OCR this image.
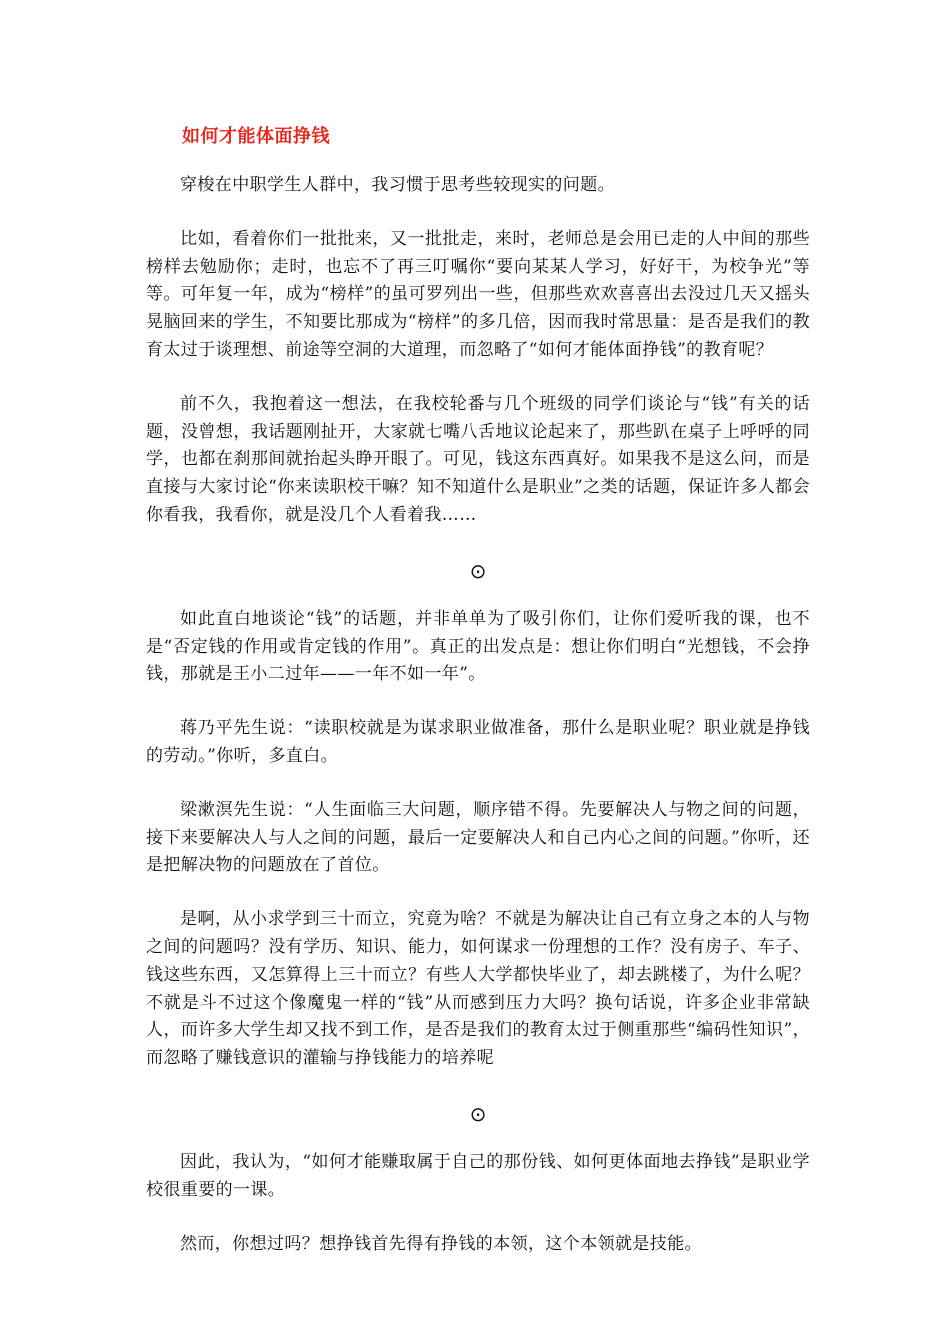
如何才能体面挣钱

穿梭在中职学生人群中，我习惯于思考些较现实的问题。

比如，看着你们一批批来，又一批批走，来时，老师总是会用已走的人中间的那些榜样去勉励你；走时，也忘不了再三叮嘱你“要向某某人学习，好好干，为校争光”等等。可年复一年，成为“榜样”的虽可罗列出一些，但那些欢欢喜喜出去没过几天又摇头晃脑回来的学生，不知要比那成为“榜样”的多几倍，因而我时常思量：是否是我们的教育太过于谈理想、前途等空洞的大道理，而忽略了“如何才能体面挣钱”的教育呢？

前不久，我抱着这一想法，在我校轮番与几个班级的同学们谈论与“钱”有关的话题，没曾想，我话题刚扯开，大家就七嘴八舌地议论起来了，那些趴在桌子上呼呼的同学，也都在刹那间就抬起头睁开眼了。可见，钱这东西真好。如果我不是这么问，而是直接与大家讨论“你来读职校干嘛？知不知道什么是职业”之类的话题，保证许多人都会你看我，我看你，就是没几个人看着我……

⊙

如此直白地谈论“钱”的话题，并非单单为了吸引你们，让你们爱听我的课，也不是“否定钱的作用或肯定钱的作用”。真正的出发点是：想让你们明白“光想钱，不会挣钱，那就是王小二过年——一年不如一年”。

蒋乃平先生说：“读职校就是为谋求职业做准备，那什么是职业呢？职业就是挣钱的劳动。”你听，多直白。

梁漱溟先生说：“人生面临三大问题，顺序错不得。先要解决人与物之间的问题，接下来要解决人与人之间的问题，最后一定要解决人和自己内心之间的问题。”你听，还是把解决物的问题放在了首位。

是啊，从小求学到三十而立，究竟为啥？不就是为解决让自己有立身之本的人与物之间的问题吗？没有学历、知识、能力，如何谋求一份理想的工作？没有房子、车子、钱这些东西，又怎算得上三十而立？有些人大学都快毕业了，却去跳楼了，为什么呢？不就是斗不过这个像魔鬼一样的“钱”从而感到压力大吗？换句话说，许多企业非常缺人，而许多大学生却又找不到工作，是否是我们的教育太过于侧重那些“编码性知识”，而忽略了赚钱意识的灌输与挣钱能力的培养呢

⊙

因此，我认为，“如何才能赚取属于自己的那份钱、如何更体面地去挣钱”是职业学校很重要的一课。

然而，你想过吗？想挣钱首先得有挣钱的本领，这个本领就是技能。
